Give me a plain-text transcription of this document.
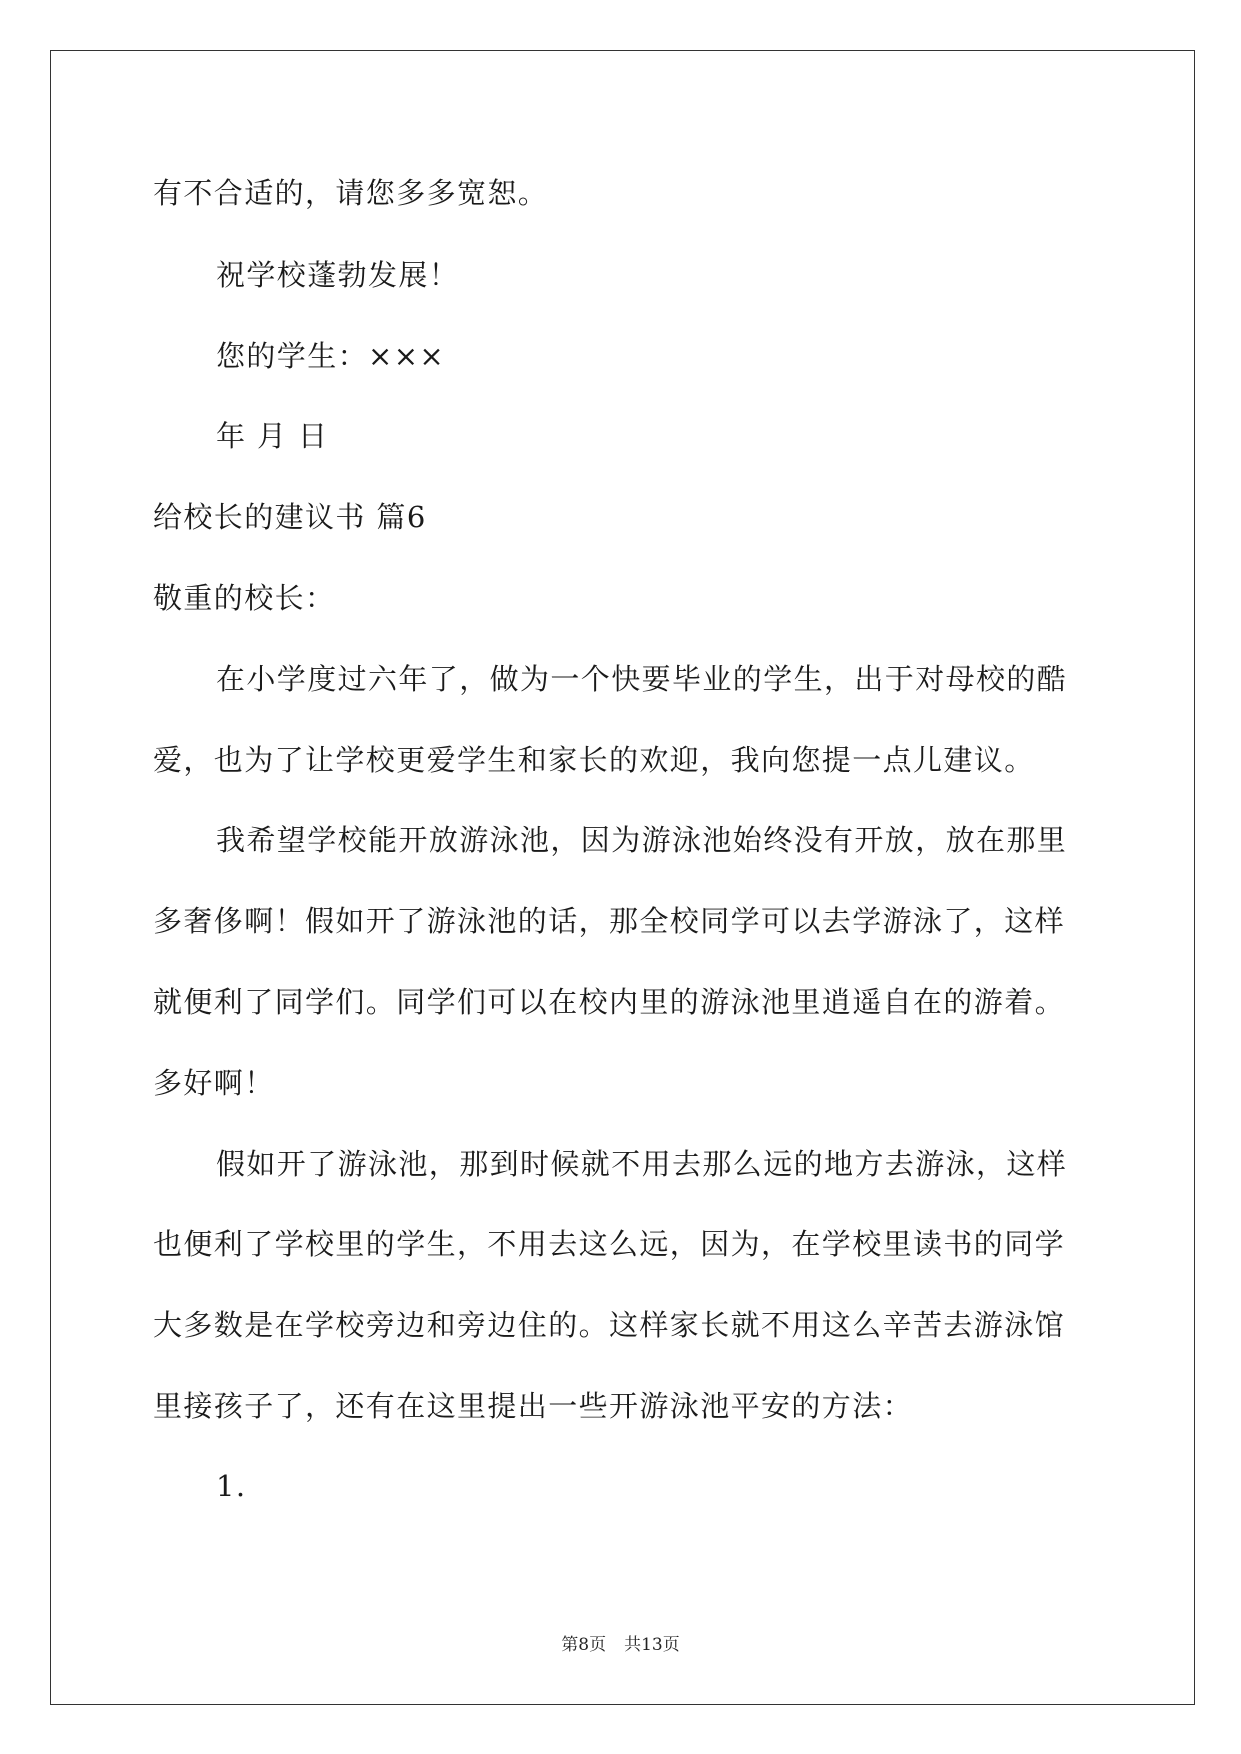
有不合适的，请您多多宽恕。
祝学校蓬勃发展！
您的学生：×××
年 月 日
给校长的建议书 篇6
敬重的校长：
在小学度过六年了，做为一个快要毕业的学生，出于对母校的酷
爱，也为了让学校更爱学生和家长的欢迎，我向您提一点儿建议。
我希望学校能开放游泳池，因为游泳池始终没有开放，放在那里
多奢侈啊！假如开了游泳池的话，那全校同学可以去学游泳了，这样
就便利了同学们。同学们可以在校内里的游泳池里逍遥自在的游着。
多好啊！
假如开了游泳池，那到时候就不用去那么远的地方去游泳，这样
也便利了学校里的学生，不用去这么远，因为，在学校里读书的同学
大多数是在学校旁边和旁边住的。这样家长就不用这么辛苦去游泳馆
里接孩子了，还有在这里提出一些开游泳池平安的方法：
1.
第8页 共13页
